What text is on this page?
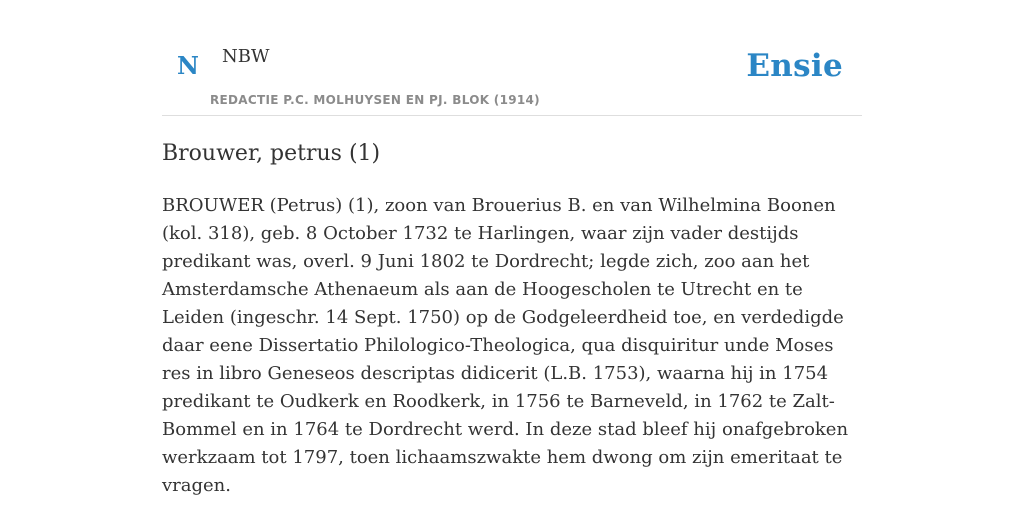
N NBW
REDACTIE P.C. MOLHUYSEN EN PJ. BLOK (1914)
Ensie
Brouwer, petrus (1)

BROUWER (Petrus) (1), zoon van Brouerius B. en van Wilhelmina Boonen (kol. 318), geb. 8 October 1732 te Harlingen, waar zijn vader destijds predikant was, overl. 9 Juni 1802 te Dordrecht; legde zich, zoo aan het Amsterdamsche Athenaeum als aan de Hoogescholen te Utrecht en te Leiden (ingeschr. 14 Sept. 1750) op de Godgeleerdheid toe, en verdedigde daar eene Dissertatio Philologico-Theologica, qua disquiritur unde Moses res in libro Geneseos descriptas didicerit (L.B. 1753), waarna hij in 1754 predikant te Oudkerk en Roodkerk, in 1756 te Barneveld, in 1762 te Zalt-Bommel en in 1764 te Dordrecht werd. In deze stad bleef hij onafgebroken werkzaam tot 1797, toen lichaamszwakte hem dwong om zijn emeritaat te vragen.
